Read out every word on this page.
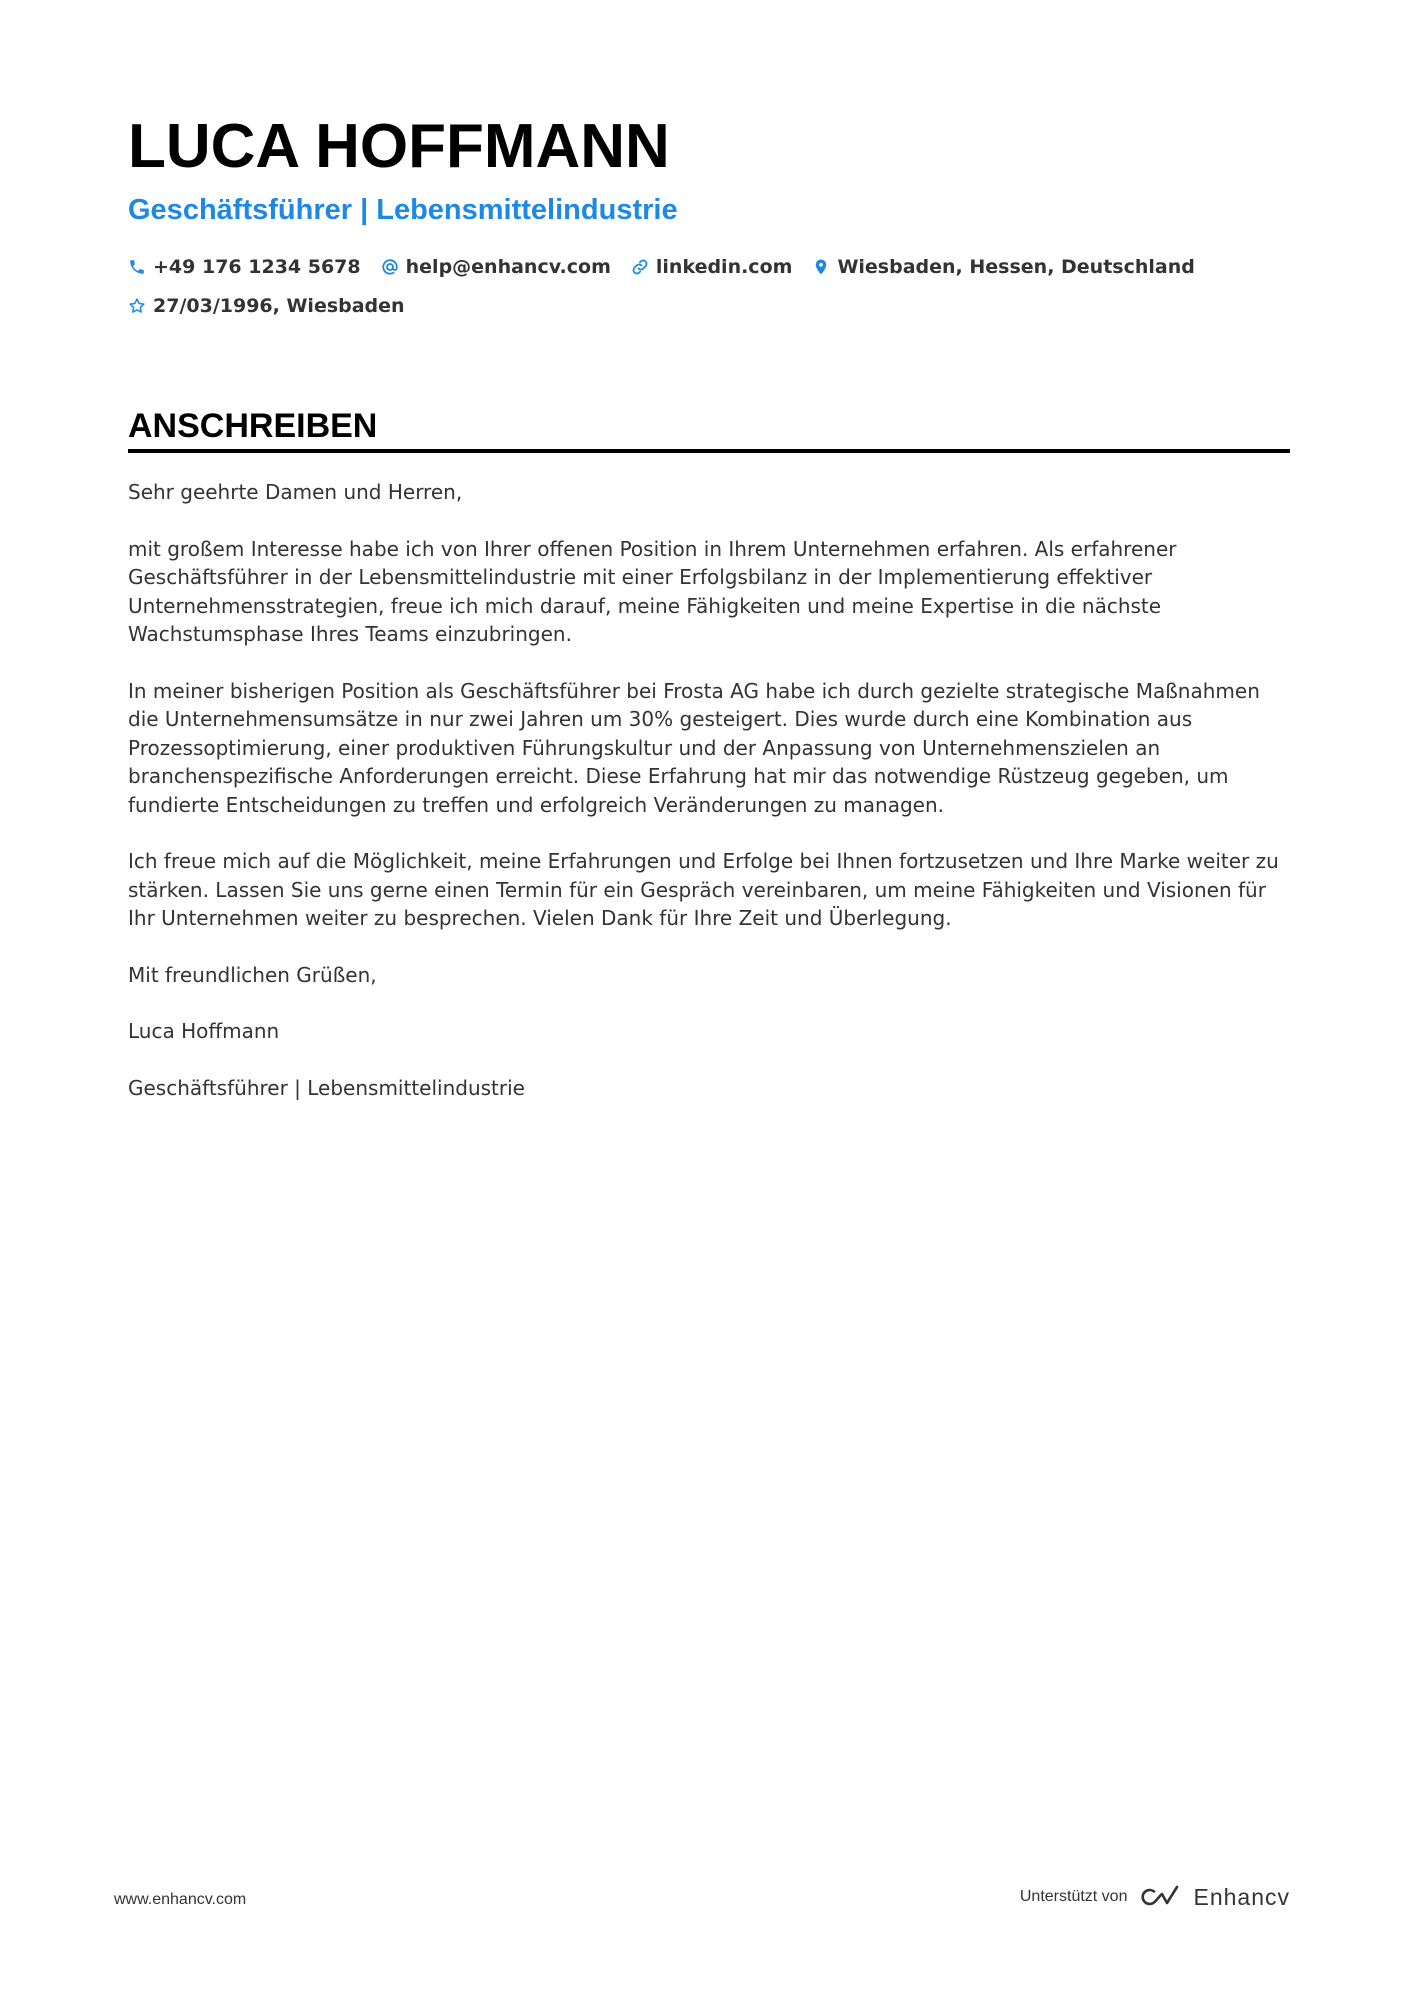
LUCA HOFFMANN
Geschäftsführer | Lebensmittelindustrie
+49 176 1234 5678 help@enhancv.com linkedin.com Wiesbaden, Hessen, Deutschland
27/03/1996, Wiesbaden
ANSCHREIBEN

Sehr geehrte Damen und Herren,

mit großem Interesse habe ich von Ihrer offenen Position in Ihrem Unternehmen erfahren. Als erfahrener Geschäftsführer in der Lebensmittelindustrie mit einer Erfolgsbilanz in der Implementierung effektiver Unternehmensstrategien, freue ich mich darauf, meine Fähigkeiten und meine Expertise in die nächste Wachstumsphase Ihres Teams einzubringen.

In meiner bisherigen Position als Geschäftsführer bei Frosta AG habe ich durch gezielte strategische Maßnahmen die Unternehmensumsätze in nur zwei Jahren um 30% gesteigert. Dies wurde durch eine Kombination aus Prozessoptimierung, einer produktiven Führungskultur und der Anpassung von Unternehmenszielen an branchenspezifische Anforderungen erreicht. Diese Erfahrung hat mir das notwendige Rüstzeug gegeben, um fundierte Entscheidungen zu treffen und erfolgreich Veränderungen zu managen.

Ich freue mich auf die Möglichkeit, meine Erfahrungen und Erfolge bei Ihnen fortzusetzen und Ihre Marke weiter zu stärken. Lassen Sie uns gerne einen Termin für ein Gespräch vereinbaren, um meine Fähigkeiten und Visionen für Ihr Unternehmen weiter zu besprechen. Vielen Dank für Ihre Zeit und Überlegung.

Mit freundlichen Grüßen,

Luca Hoffmann

Geschäftsführer | Lebensmittelindustrie

www.enhancv.com	Unterstützt von	Enhancv
